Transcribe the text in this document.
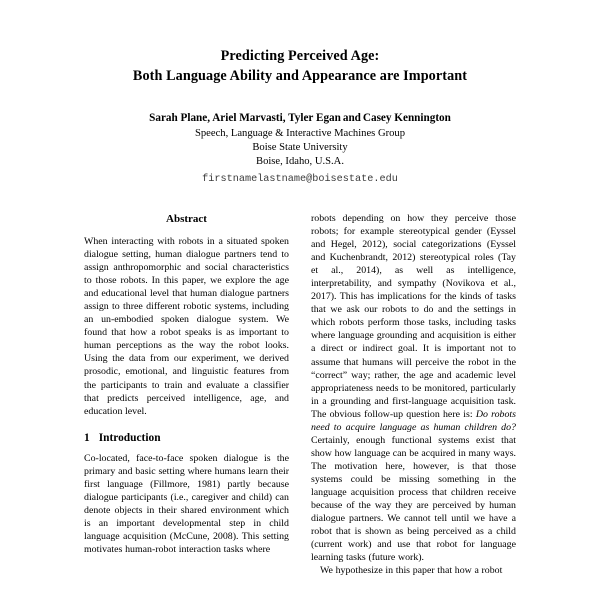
Predicting Perceived Age:
Both Language Ability and Appearance are Important
Sarah Plane, Ariel Marvasti, Tyler Egan and Casey Kennington
Speech, Language & Interactive Machines Group
Boise State University
Boise, Idaho, U.S.A.
firstnamelastname@boisestate.edu
Abstract

When interacting with robots in a situated spoken dialogue setting, human dialogue partners tend to assign anthropomorphic and social characteristics to those robots. In this paper, we explore the age and educational level that human dialogue partners assign to three different robotic systems, including an un-embodied spoken dialogue system. We found that how a robot speaks is as important to human perceptions as the way the robot looks. Using the data from our experiment, we derived prosodic, emotional, and linguistic features from the participants to train and evaluate a classifier that predicts perceived intelligence, age, and education level.

1 Introduction

Co-located, face-to-face spoken dialogue is the primary and basic setting where humans learn their first language (Fillmore, 1981) partly because dialogue participants (i.e., caregiver and child) can denote objects in their shared environment which is an important developmental step in child language acquisition (McCune, 2008). This setting motivates human-robot interaction tasks where

robots depending on how they perceive those robots; for example stereotypical gender (Eyssel and Hegel, 2012), social categorizations (Eyssel and Kuchenbrandt, 2012) stereotypical roles (Tay et al., 2014), as well as intelligence, interpretability, and sympathy (Novikova et al., 2017). This has implications for the kinds of tasks that we ask our robots to do and the settings in which robots perform those tasks, including tasks where language grounding and acquisition is either a direct or indirect goal. It is important not to assume that humans will perceive the robot in the “correct” way; rather, the age and academic level appropriateness needs to be monitored, particularly in a grounding and first-language acquisition task. The obvious follow-up question here is: Do robots need to acquire language as human children do? Certainly, enough functional systems exist that show how language can be acquired in many ways. The motivation here, however, is that those systems could be missing something in the language acquisition process that children receive because of the way they are perceived by human dialogue partners. We cannot tell until we have a robot that is shown as being perceived as a child (current work) and use that robot for language learning tasks (future work).

We hypothesize in this paper that how a robot
